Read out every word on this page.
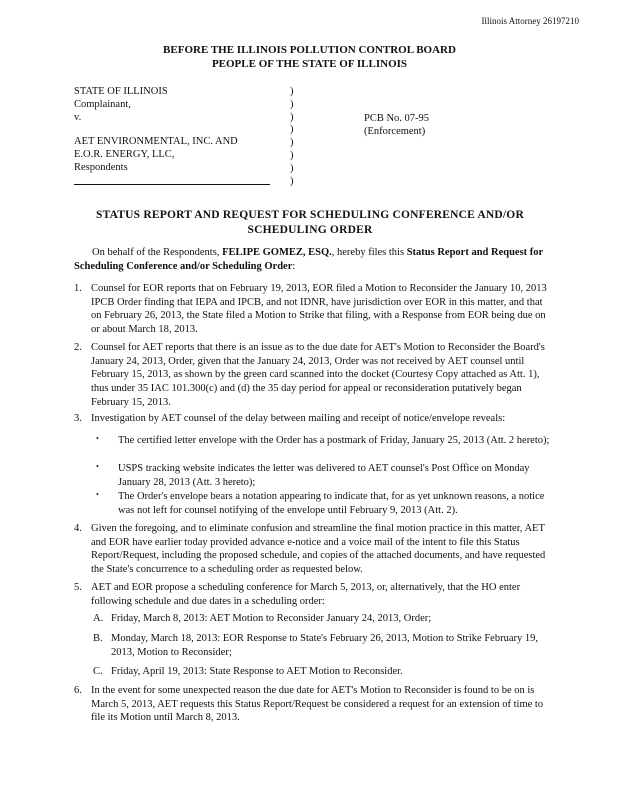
Illinois Attorney 26197210
BEFORE THE ILLINOIS POLLUTION CONTROL BOARD
PEOPLE OF THE STATE OF ILLINOIS
STATE OF ILLINOIS
Complainant,
v.
AET ENVIRONMENTAL, INC. AND
E.O.R. ENERGY, LLC,
Respondents
)
)
)
)
)
)
)
)
PCB No. 07-95
(Enforcement)
STATUS REPORT AND REQUEST FOR SCHEDULING CONFERENCE AND/OR
SCHEDULING ORDER
On behalf of the Respondents, FELIPE GOMEZ, ESQ., hereby files this Status Report and Request for Scheduling Conference and/or Scheduling Order:
1. Counsel for EOR reports that on February 19, 2013, EOR filed a Motion to Reconsider the January 10, 2013 IPCB Order finding that IEPA and IPCB, and not IDNR, have jurisdiction over EOR in this matter, and that on February 26, 2013, the State filed a Motion to Strike that filing, with a Response from EOR being due on or about March 18, 2013.
2. Counsel for AET reports that there is an issue as to the due date for AET's Motion to Reconsider the Board's January 24, 2013, Order, given that the January 24, 2013, Order was not received by AET counsel until February 15, 2013, as shown by the green card scanned into the docket (Courtesy Copy attached as Att. 1), thus under 35 IAC 101.300(c) and (d) the 35 day period for appeal or reconsideration putatively began February 15, 2013.
3. Investigation by AET counsel of the delay between mailing and receipt of notice/envelope reveals:
• The certified letter envelope with the Order has a postmark of Friday, January 25, 2013 (Att. 2 hereto);
• USPS tracking website indicates the letter was delivered to AET counsel's Post Office on Monday January 28, 2013 (Att. 3 hereto);
• The Order's envelope bears a notation appearing to indicate that, for as yet unknown reasons, a notice was not left for counsel notifying of the envelope until February 9, 2013 (Att. 2).
4. Given the foregoing, and to eliminate confusion and streamline the final motion practice in this matter, AET and EOR have earlier today provided advance e-notice and a voice mail of the intent to file this Status Report/Request, including the proposed schedule, and copies of the attached documents, and have requested the State's concurrence to a scheduling order as requested below.
5. AET and EOR propose a scheduling conference for March 5, 2013, or, alternatively, that the HO enter following schedule and due dates in a scheduling order:
A. Friday, March 8, 2013: AET Motion to Reconsider January 24, 2013, Order;
B. Monday, March 18, 2013: EOR Response to State's February 26, 2013, Motion to Strike February 19, 2013, Motion to Reconsider;
C. Friday, April 19, 2013: State Response to AET Motion to Reconsider.
6. In the event for some unexpected reason the due date for AET's Motion to Reconsider is found to be on is March 5, 2013, AET requests this Status Report/Request be considered a request for an extension of time to file its Motion until March 8, 2013.
